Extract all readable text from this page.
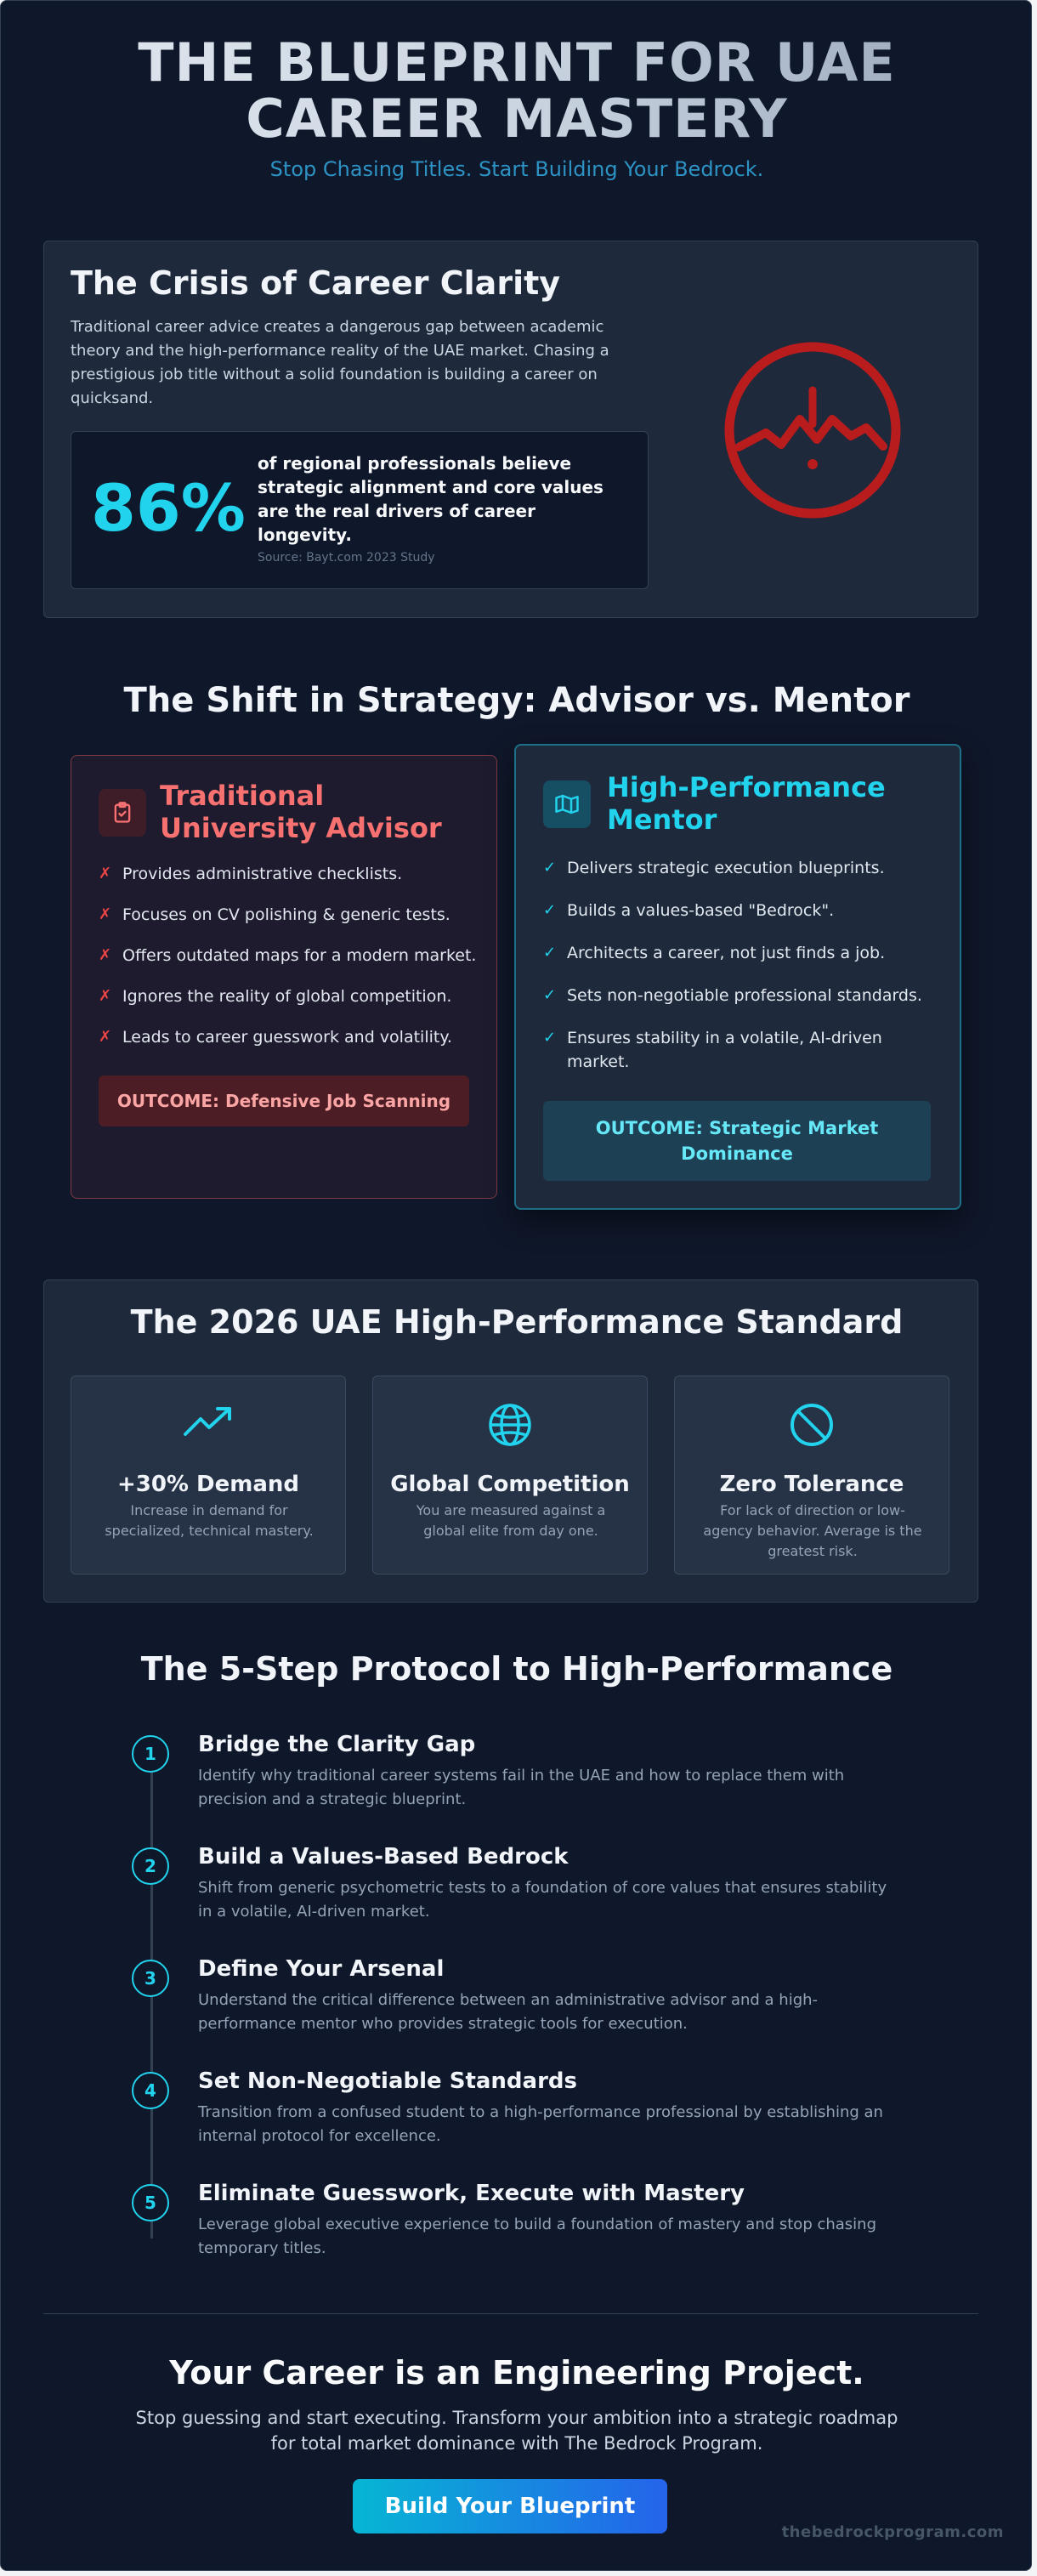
THE BLUEPRINT FOR UAE
CAREER MASTERY
Stop Chasing Titles. Start Building Your Bedrock.
The Crisis of Career Clarity
Traditional career advice creates a dangerous gap between academic theory and the high-performance reality of the UAE market. Chasing a prestigious job title without a solid foundation is building a career on quicksand.
86%
of regional professionals believe strategic alignment and core values are the real drivers of career longevity.
Source: Bayt.com 2023 Study
The Shift in Strategy: Advisor vs. Mentor
Traditional University Advisor
✗ Provides administrative checklists.
✗ Focuses on CV polishing & generic tests.
✗ Offers outdated maps for a modern market.
✗ Ignores the reality of global competition.
✗ Leads to career guesswork and volatility.
OUTCOME: Defensive Job Scanning
High-Performance Mentor
✓ Delivers strategic execution blueprints.
✓ Builds a values-based "Bedrock".
✓ Architects a career, not just finds a job.
✓ Sets non-negotiable professional standards.
✓ Ensures stability in a volatile, AI-driven market.
OUTCOME: Strategic Market Dominance
The 2026 UAE High-Performance Standard
+30% Demand
Increase in demand for specialized, technical mastery.
Global Competition
You are measured against a global elite from day one.
Zero Tolerance
For lack of direction or low-agency behavior. Average is the greatest risk.
The 5-Step Protocol to High-Performance
1	Bridge the Clarity Gap
Identify why traditional career systems fail in the UAE and how to replace them with precision and a strategic blueprint.
2	Build a Values-Based Bedrock
Shift from generic psychometric tests to a foundation of core values that ensures stability in a volatile, AI-driven market.
3	Define Your Arsenal
Understand the critical difference between an administrative advisor and a high-performance mentor who provides strategic tools for execution.
4	Set Non-Negotiable Standards
Transition from a confused student to a high-performance professional by establishing an internal protocol for excellence.
5	Eliminate Guesswork, Execute with Mastery
Leverage global executive experience to build a foundation of mastery and stop chasing temporary titles.
Your Career is an Engineering Project.
Stop guessing and start executing. Transform your ambition into a strategic roadmap for total market dominance with The Bedrock Program.
Build Your Blueprint
thebedrockprogram.com
